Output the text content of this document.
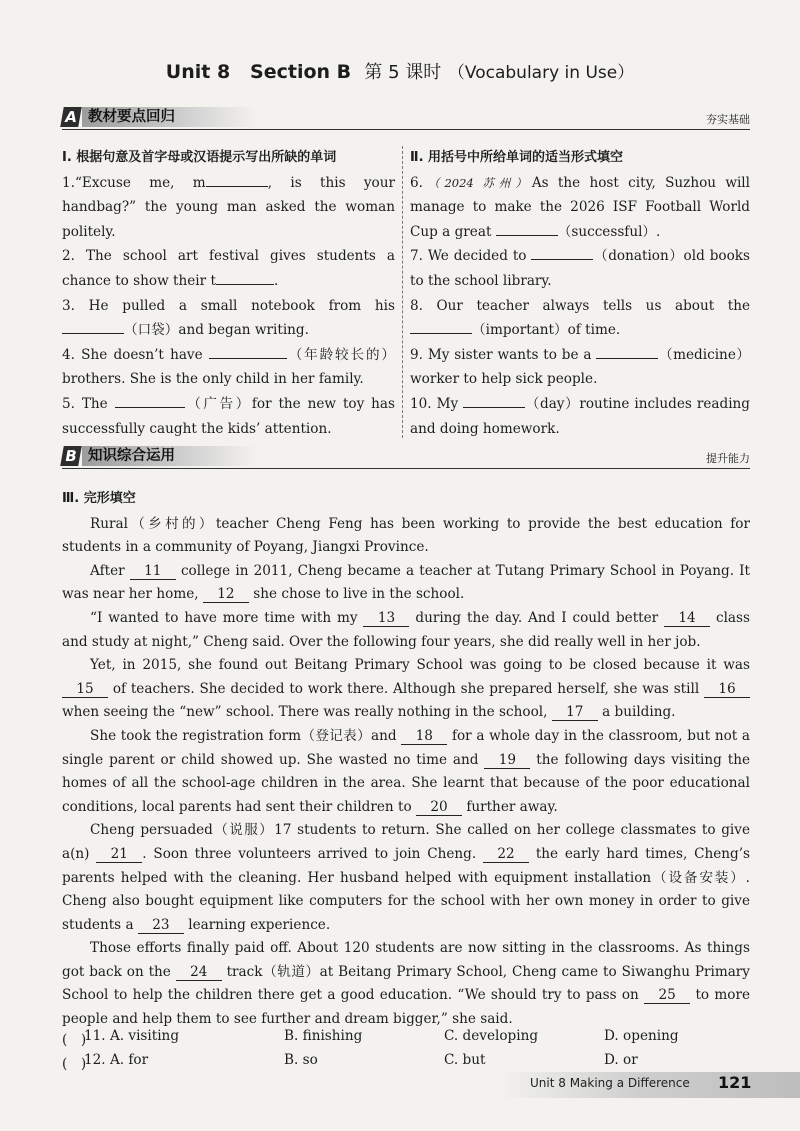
Unit 8 Section B 第 5 课时 （Vocabulary in Use）
A 教材要点回归	夯实基础
Ⅰ. 根据句意及首字母或汉语提示写出所缺的单词
1.“Excuse me, m	, is this your handbag?” the young man asked the woman politely.
2. The school art festival gives students a chance to show their t	.
3. He pulled a small notebook from his （口袋）and began writing.
4. She doesn’t have	（年龄较长的）brothers. She is the only child in her family.
5. The	（广告）for the new toy has successfully caught the kids’ attention.
Ⅱ. 用括号中所给单词的适当形式填空
6.（2024 苏州）As the host city, Suzhou will manage to make the 2026 ISF Football World Cup a great	（successful）.
7. We decided to	（donation）old books to the school library.
8. Our teacher always tells us about the （important）of time.
9. My sister wants to be a	（medicine）worker to help sick people.
10. My	（day）routine includes reading and doing homework.
B 知识综合运用	提升能力

Ⅲ. 完形填空

Rural（乡村的）teacher Cheng Feng has been working to provide the best education for students in a community of Poyang, Jiangxi Province.

After 11 college in 2011, Cheng became a teacher at Tutang Primary School in Poyang. It was near her home, 12 she chose to live in the school.

“I wanted to have more time with my 13 during the day. And I could better 14 class and study at night,” Cheng said. Over the following four years, she did really well in her job.

Yet, in 2015, she found out Beitang Primary School was going to be closed because it was 15 of teachers. She decided to work there. Although she prepared herself, she was still 16 when seeing the “new” school. There was really nothing in the school, 17 a building.

She took the registration form（登记表）and 18 for a whole day in the classroom, but not a single parent or child showed up. She wasted no time and 19 the following days visiting the homes of all the school-age children in the area. She learnt that because of the poor educational conditions, local parents had sent their children to 20 further away.

Cheng persuaded（说服）17 students to return. She called on her college classmates to give a(n) 21 . Soon three volunteers arrived to join Cheng. 22 the early hard times, Cheng’s parents helped with the cleaning. Her husband helped with equipment installation（设备安装）. Cheng also bought equipment like computers for the school with her own money in order to give students a 23 learning experience.

Those efforts finally paid off. About 120 students are now sitting in the classrooms. As things got back on the 24 track（轨道）at Beitang Primary School, Cheng came to Siwanghu Primary School to help the children there get a good education. “We should try to pass on 25 to more people and help them to see further and dream bigger,” she said.

(　)
11. A. visiting	B. finishing	C. developing	D. opening
(　)
12. A. for	B. so	C. but	D. or
Unit 8 Making a Difference 121
